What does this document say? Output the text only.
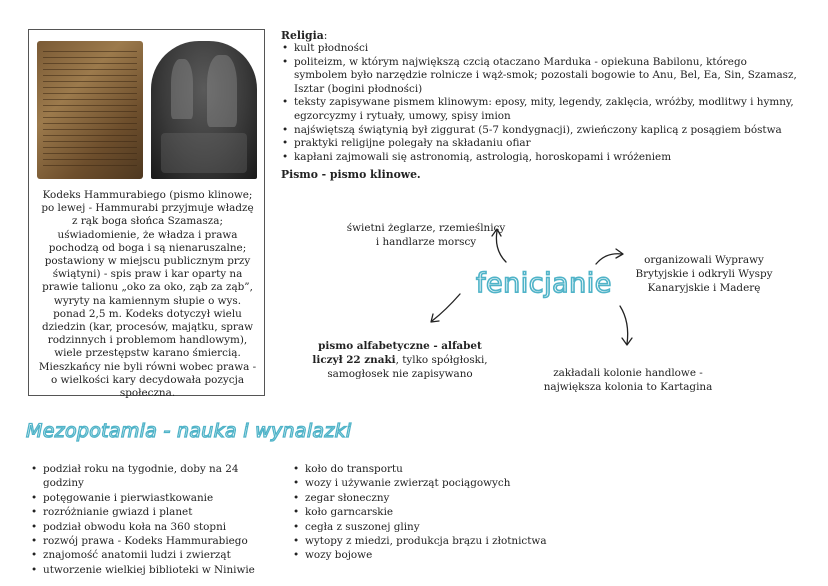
Kodeks Hammurabiego (pismo klinowe; po lewej - Hammurabi przyjmuje władzę z rąk boga słońca Szamasza; uświadomienie, że władza i prawa pochodzą od boga i są nienaruszalne; postawiony w miejscu publicznym przy świątyni) - spis praw i kar oparty na prawie talionu „oko za oko, ząb za ząb”, wyryty na kamiennym słupie o wys. ponad 2,5 m. Kodeks dotyczył wielu dziedzin (kar, procesów, majątku, spraw rodzinnych i problemom handlowym), wiele przestępstw karano śmiercią. Mieszkańcy nie byli równi wobec prawa - o wielkości kary decydowała pozycja społeczna.
Religia:
• kult płodności
• politeizm, w którym największą czcią otaczano Marduka - opiekuna Babilonu, którego symbolem było narzędzie rolnicze i wąż-smok; pozostali bogowie to Anu, Bel, Ea, Sin, Szamasz, Isztar (bogini płodności)
• teksty zapisywane pismem klinowym: eposy, mity, legendy, zaklęcia, wróżby, modlitwy i hymny, egzorcyzmy i rytuały, umowy, spisy imion
• najświętszą świątynią był ziggurat (5-7 kondygnacji), zwieńczony kaplicą z posągiem bóstwa
• praktyki religijne polegały na składaniu ofiar
• kapłani zajmowali się astronomią, astrologią, horoskopami i wróżeniem
Pismo - pismo klinowe.
świetni żeglarze, rzemieślnicy i handlarze morscy
organizowali Wyprawy Brytyjskie i odkryli Wyspy Kanaryjskie i Maderę
pismo alfabetyczne - alfabet liczył 22 znaki, tylko spółgłoski, samogłosek nie zapisywano	zakładali kolonie handlowe - największa kolonia to Kartagina
fenicjanie
Mezopotamia - nauka i wynalazki
• podział roku na tygodnie, doby na 24 godziny
• potęgowanie i pierwiastkowanie
• rozróżnianie gwiazd i planet
• podział obwodu koła na 360 stopni
• rozwój prawa - Kodeks Hammurabiego
• znajomość anatomii ludzi i zwierząt
• utworzenie wielkiej biblioteki w Niniwie
• koło do transportu
• wozy i używanie zwierząt pociągowych
• zegar słoneczny
• koło garncarskie
• cegła z suszonej gliny
• wytopy z miedzi, produkcja brązu i złotnictwa
• wozy bojowe
